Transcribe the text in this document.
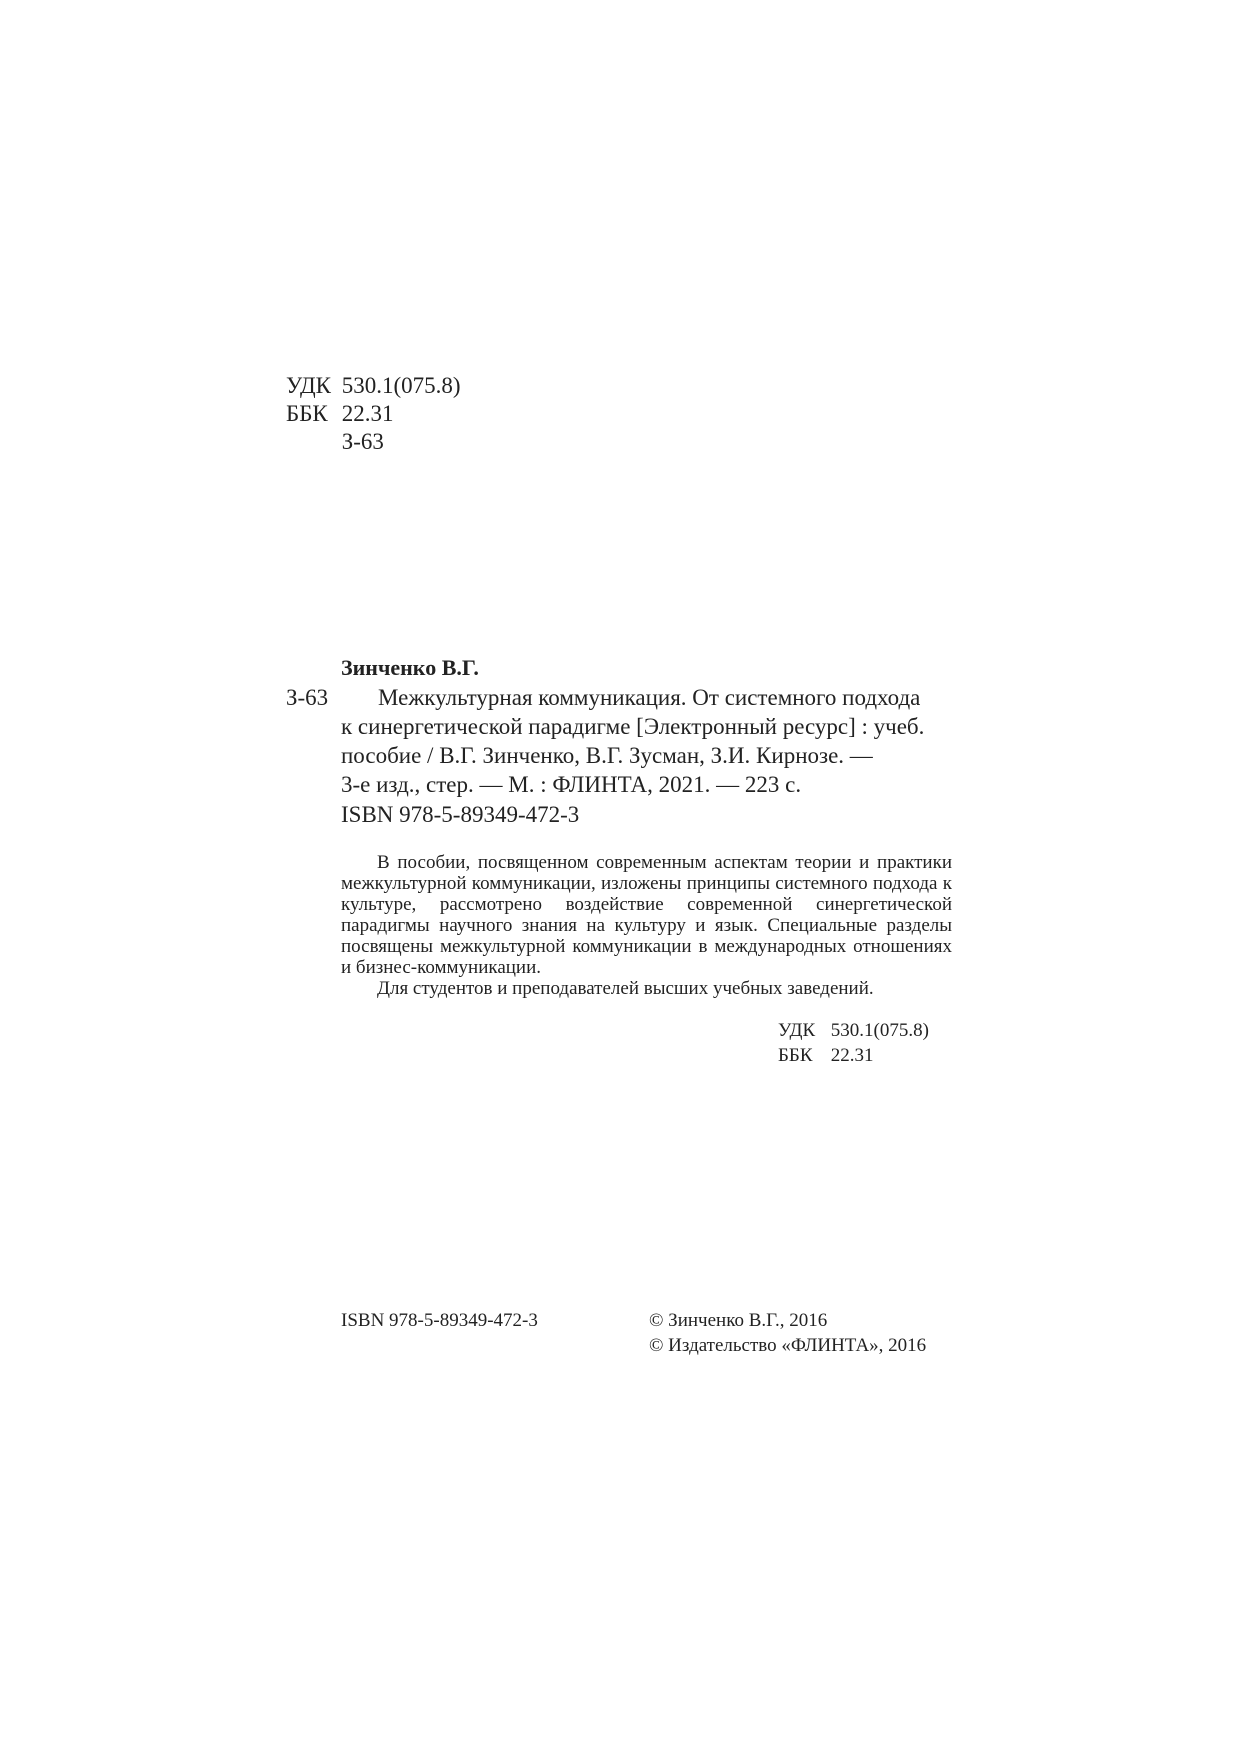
УДК 530.1(075.8)
ББК 22.31
З-63
Зинченко В.Г.
З-63	Межкультурная коммуникация. От системного подхода
к синергетической парадигме [Электронный ресурс] : учеб.
пособие / В.Г. Зинченко, В.Г. Зусман, З.И. Кирнозе. —
3-е изд., стер. — М. : ФЛИНТА, 2021. — 223 с.
ISBN 978-5-89349-472-3

В пособии, посвященном современным аспектам теории и практики межкультурной коммуникации, изложены принципы системного подхода к культуре, рассмотрено воздействие современной синергетической парадигмы научного знания на культуру и язык. Специальные разделы посвящены межкультурной коммуникации в международных отношениях и бизнес-коммуникации.

Для студентов и преподавателей высших учебных заведений.

УДК 530.1(075.8)
ББК 22.31
ISBN 978-5-89349-472-3	© Зинченко В.Г., 2016
© Издательство «ФЛИНТА», 2016
